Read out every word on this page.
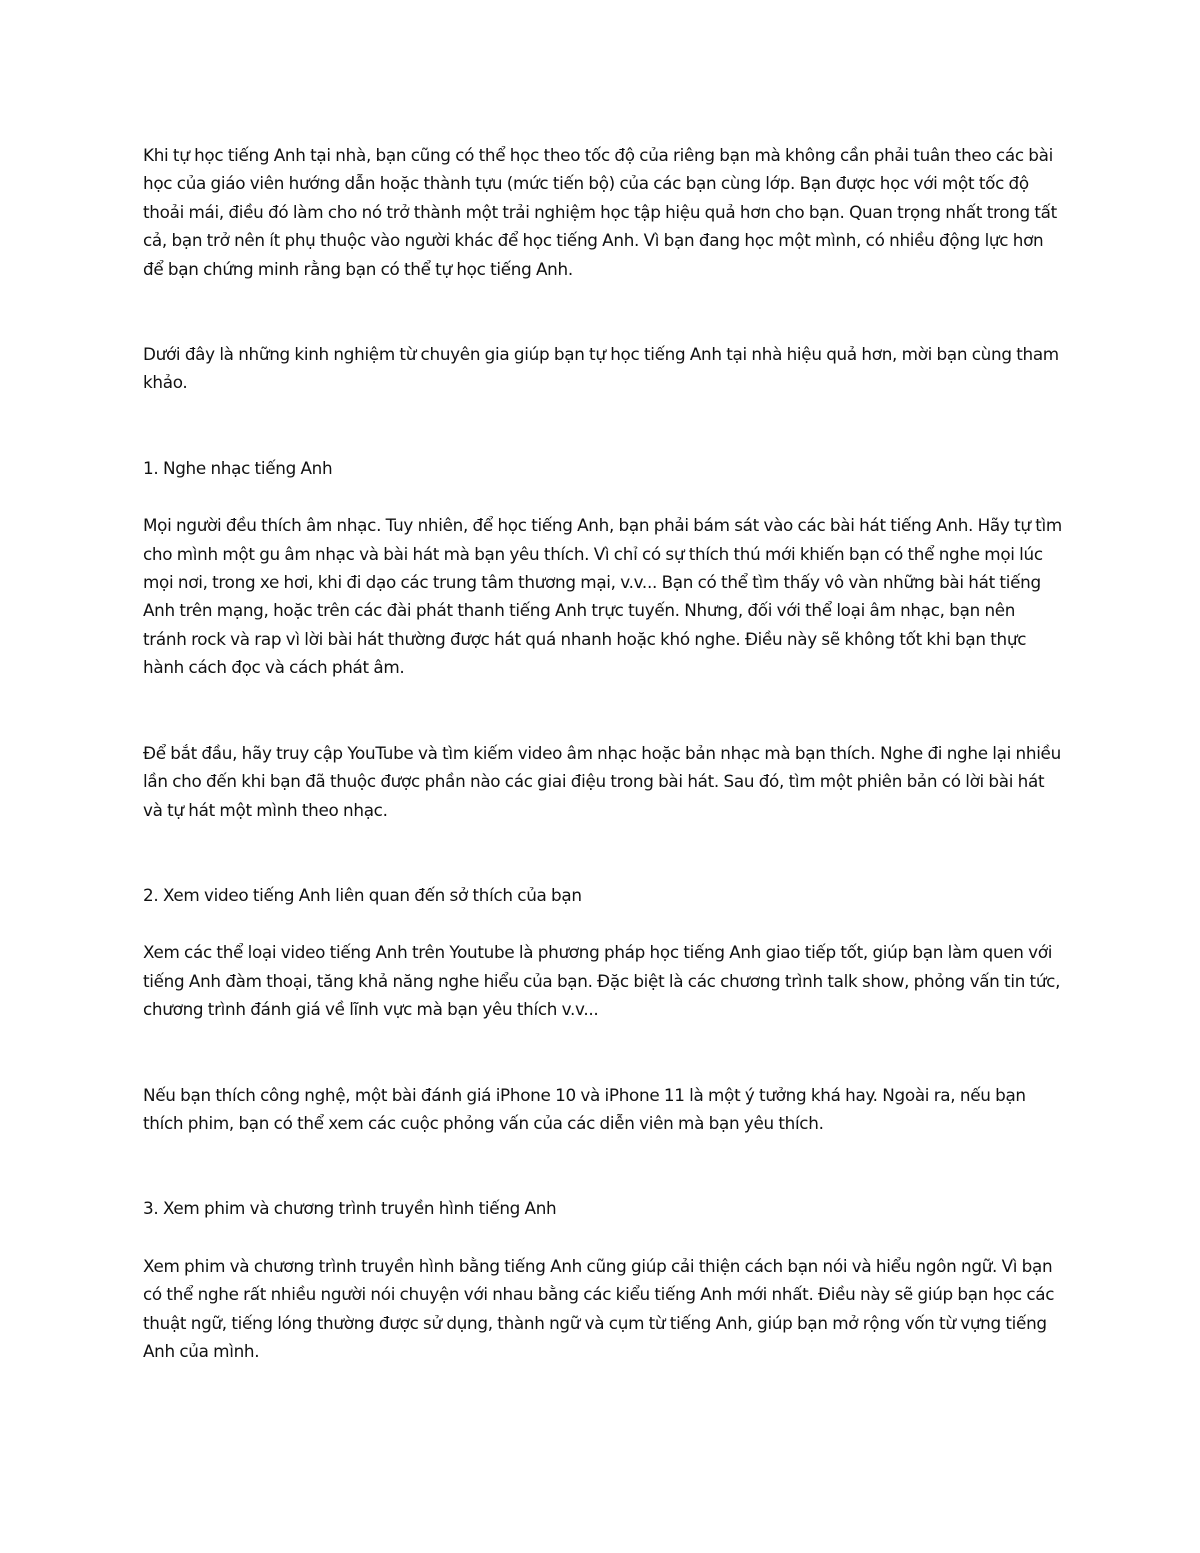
Khi tự học tiếng Anh tại nhà, bạn cũng có thể học theo tốc độ của riêng bạn mà không cần phải tuân theo các bài học của giáo viên hướng dẫn hoặc thành tựu (mức tiến bộ) của các bạn cùng lớp. Bạn được học với một tốc độ thoải mái, điều đó làm cho nó trở thành một trải nghiệm học tập hiệu quả hơn cho bạn. Quan trọng nhất trong tất cả, bạn trở nên ít phụ thuộc vào người khác để học tiếng Anh. Vì bạn đang học một mình, có nhiều động lực hơn để bạn chứng minh rằng bạn có thể tự học tiếng Anh.

Dưới đây là những kinh nghiệm từ chuyên gia giúp bạn tự học tiếng Anh tại nhà hiệu quả hơn, mời bạn cùng tham khảo.

1. Nghe nhạc tiếng Anh

Mọi người đều thích âm nhạc. Tuy nhiên, để học tiếng Anh, bạn phải bám sát vào các bài hát tiếng Anh. Hãy tự tìm cho mình một gu âm nhạc và bài hát mà bạn yêu thích. Vì chỉ có sự thích thú mới khiến bạn có thể nghe mọi lúc mọi nơi, trong xe hơi, khi đi dạo các trung tâm thương mại, v.v... Bạn có thể tìm thấy vô vàn những bài hát tiếng Anh trên mạng, hoặc trên các đài phát thanh tiếng Anh trực tuyến. Nhưng, đối với thể loại âm nhạc, bạn nên tránh rock và rap vì lời bài hát thường được hát quá nhanh hoặc khó nghe. Điều này sẽ không tốt khi bạn thực hành cách đọc và cách phát âm.

Để bắt đầu, hãy truy cập YouTube và tìm kiếm video âm nhạc hoặc bản nhạc mà bạn thích. Nghe đi nghe lại nhiều lần cho đến khi bạn đã thuộc được phần nào các giai điệu trong bài hát. Sau đó, tìm một phiên bản có lời bài hát và tự hát một mình theo nhạc.

2. Xem video tiếng Anh liên quan đến sở thích của bạn

Xem các thể loại video tiếng Anh trên Youtube là phương pháp học tiếng Anh giao tiếp tốt, giúp bạn làm quen với tiếng Anh đàm thoại, tăng khả năng nghe hiểu của bạn. Đặc biệt là các chương trình talk show, phỏng vấn tin tức, chương trình đánh giá về lĩnh vực mà bạn yêu thích v.v...

Nếu bạn thích công nghệ, một bài đánh giá iPhone 10 và iPhone 11 là một ý tưởng khá hay. Ngoài ra, nếu bạn thích phim, bạn có thể xem các cuộc phỏng vấn của các diễn viên mà bạn yêu thích.

3. Xem phim và chương trình truyền hình tiếng Anh

Xem phim và chương trình truyền hình bằng tiếng Anh cũng giúp cải thiện cách bạn nói và hiểu ngôn ngữ. Vì bạn có thể nghe rất nhiều người nói chuyện với nhau bằng các kiểu tiếng Anh mới nhất. Điều này sẽ giúp bạn học các thuật ngữ, tiếng lóng thường được sử dụng, thành ngữ và cụm từ tiếng Anh, giúp bạn mở rộng vốn từ vựng tiếng Anh của mình.
